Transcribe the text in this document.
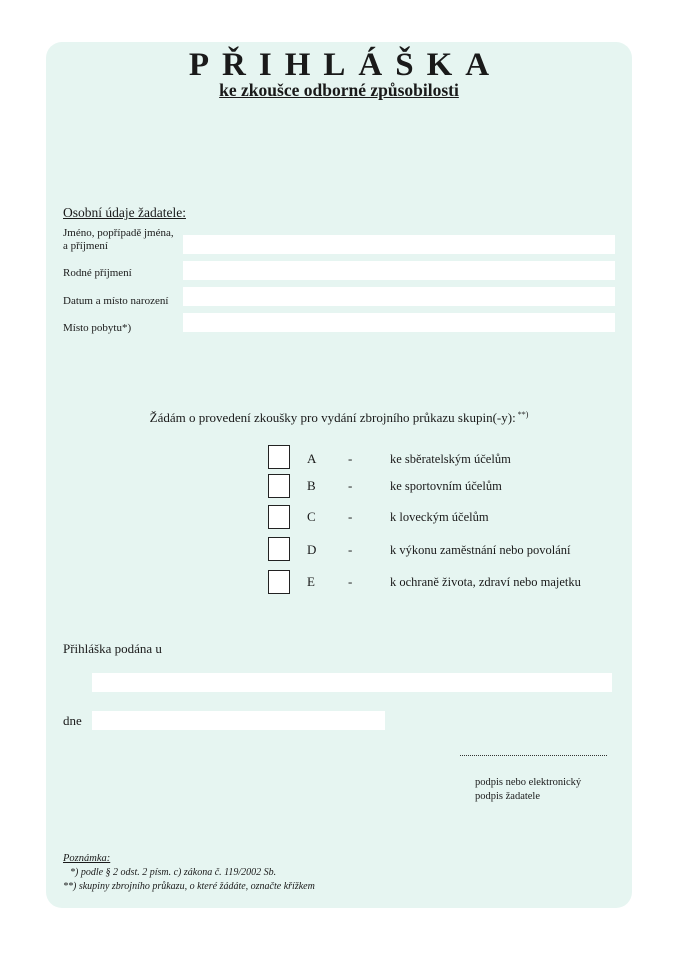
PŘIHLÁŠKA
ke zkoušce odborné způsobilosti
Osobní údaje žadatele:
Jméno, popřípadě jména,
a příjmení
Rodné příjmení
Datum a místo narození
Místo pobytu*)
Žádám o provedení zkoušky pro vydání zbrojního průkazu skupin(-y): **)
A -	ke sběratelským účelům
B -	ke sportovním účelům
C -	k loveckým účelům
D -	k výkonu zaměstnání nebo povolání
E	-	k ochraně života, zdraví nebo majetku
Přihláška podána u
dne
podpis nebo elektronický
podpis žadatele
Poznámka:
*) podle § 2 odst. 2 písm. c) zákona č. 119/2002 Sb.
**) skupiny zbrojního průkazu, o které žádáte, označte křížkem
